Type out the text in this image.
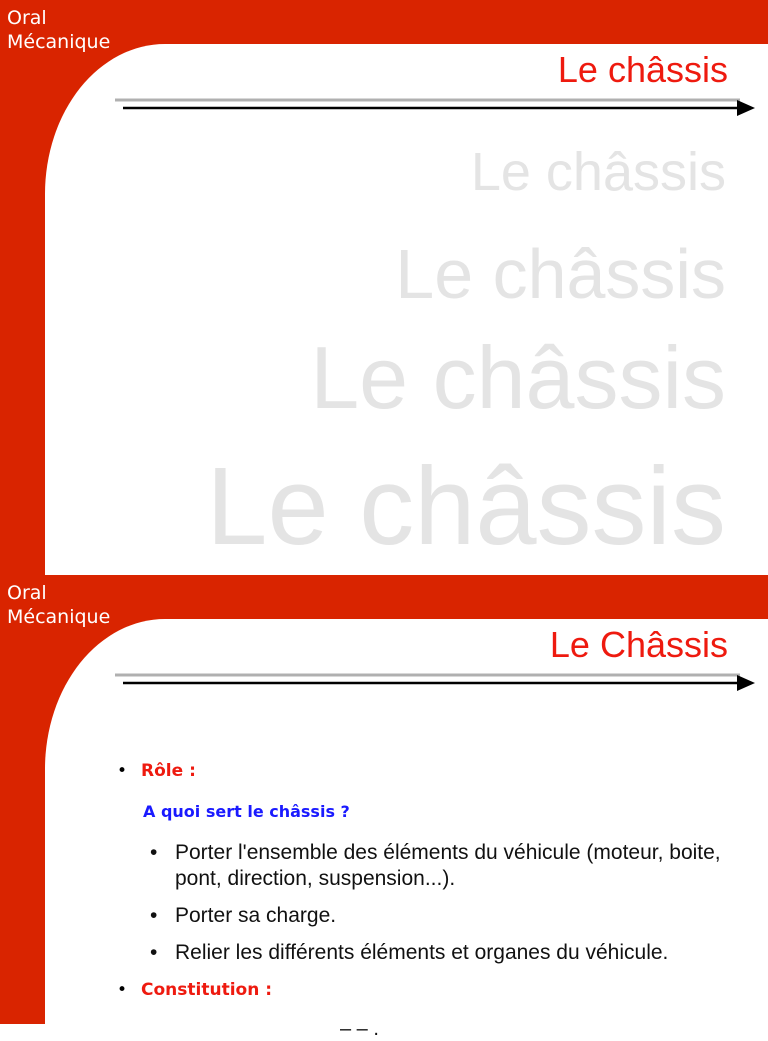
Oral
Mécanique
Le châssis
Le châssis
Le châssis
Le châssis
Le châssis
Oral
Mécanique
Le Châssis
• Rôle :
A quoi sert le châssis ?
• Porter l'ensemble des éléments du véhicule (moteur, boite, pont, direction, suspension...).
• Porter sa charge.
• Relier les différents éléments et organes du véhicule.
• Constitution :
– – .
